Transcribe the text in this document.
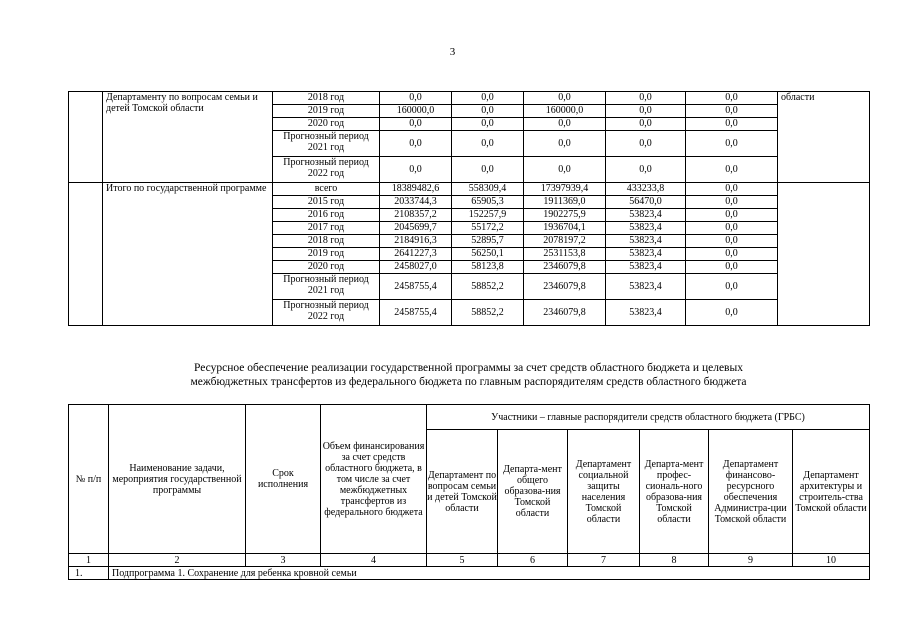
3
	Департаменту по вопросам семьи и детей Томской области	2018 год	0,0	0,0	0,0	0,0	0,0	области
		2019 год	160000,0	0,0	160000,0	0,0	0,0	
		2020 год	0,0	0,0	0,0	0,0	0,0	
		Прогнозный период 2021 год	0,0	0,0	0,0	0,0	0,0	
		Прогнозный период 2022 год	0,0	0,0	0,0	0,0	0,0	
	Итого по государственной программе	всего	18389482,6	558309,4	17397939,4	433233,8	0,0	
		2015 год	2033744,3	65905,3	1911369,0	56470,0	0,0	
		2016 год	2108357,2	152257,9	1902275,9	53823,4	0,0	
		2017 год	2045699,7	55172,2	1936704,1	53823,4	0,0	
		2018 год	2184916,3	52895,7	2078197,2	53823,4	0,0	
		2019 год	2641227,3	56250,1	2531153,8	53823,4	0,0	
		2020 год	2458027,0	58123,8	2346079,8	53823,4	0,0	
		Прогнозный период 2021 год	2458755,4	58852,2	2346079,8	53823,4	0,0	
		Прогнозный период 2022 год	2458755,4	58852,2	2346079,8	53823,4	0,0	
Ресурсное обеспечение реализации государственной программы за счет средств областного бюджета и целевых
межбюджетных трансфертов из федерального бюджета по главным распорядителям средств областного бюджета
№ п/п	Наименование задачи, мероприятия государственной программы	Срок исполнения	Объем финансирования за счет средств областного бюджета, в том числе за счет межбюджетных трансфертов из федерального бюджета	Участники – главные распорядители средств областного бюджета (ГРБС)					
				Департамент по вопросам семьи и детей Томской области	Департа-мент общего образова-ния Томской области	Департамент социальной защиты населения Томской области	Департа-мент профес-сиональ-ного образова-ния Томской области	Департамент финансово-ресурсного обеспечения Администра-ции Томской области	Департамент архитектуры и строитель-ства Томской области
1	2	3	4	5	6	7	8	9	10
1.	Подпрограмма 1. Сохранение для ребенка кровной семьи								
